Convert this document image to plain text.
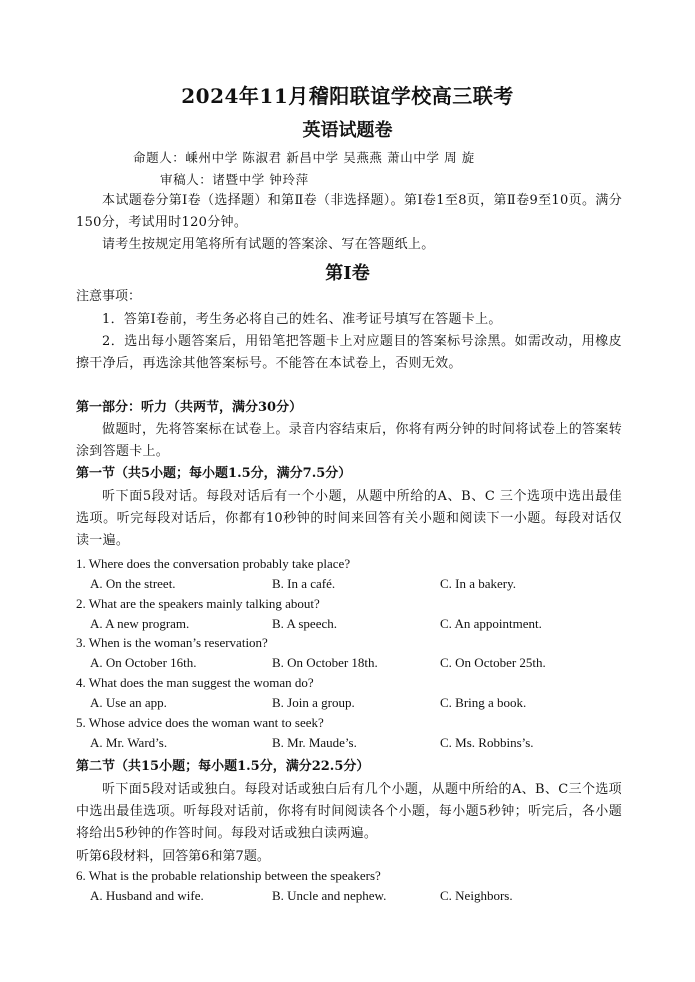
2024年11月稽阳联谊学校高三联考
英语试题卷
命题人：嵊州中学 陈淑君 新昌中学 吴燕燕 萧山中学 周 旋
审稿人：诸暨中学 钟玲萍
本试题卷分第Ⅰ卷（选择题）和第Ⅱ卷（非选择题）。第Ⅰ卷1至8页，第Ⅱ卷9至10页。满分150分，考试用时120分钟。
请考生按规定用笔将所有试题的答案涂、写在答题纸上。
第Ⅰ卷
注意事项：
1．答第Ⅰ卷前，考生务必将自己的姓名、准考证号填写在答题卡上。
2．选出每小题答案后，用铅笔把答题卡上对应题目的答案标号涂黑。如需改动，用橡皮擦干净后，再选涂其他答案标号。不能答在本试卷上，否则无效。
第一部分：听力（共两节，满分30分）
做题时，先将答案标在试卷上。录音内容结束后，你将有两分钟的时间将试卷上的答案转涂到答题卡上。
第一节（共5小题；每小题1.5分，满分7.5分）
听下面5段对话。每段对话后有一个小题，从题中所给的A、B、C 三个选项中选出最佳选项。听完每段对话后，你都有10秒钟的时间来回答有关小题和阅读下一小题。每段对话仅读一遍。
1. Where does the conversation probably take place?
A. On the street.	B. In a café.	C. In a bakery.
2. What are the speakers mainly talking about?
A. A new program.	B. A speech.	C. An appointment.
3. When is the woman’s reservation?
A. On October 16th.	B. On October 18th.	C. On October 25th.
4. What does the man suggest the woman do?
A. Use an app.	B. Join a group.	C. Bring a book.
5. Whose advice does the woman want to seek?
A. Mr. Ward’s.	B. Mr. Maude’s.	C. Ms. Robbins’s.
第二节（共15小题；每小题1.5分，满分22.5分）
听下面5段对话或独白。每段对话或独白后有几个小题，从题中所给的A、B、C三个选项中选出最佳选项。听每段对话前，你将有时间阅读各个小题，每小题5秒钟；听完后，各小题将给出5秒钟的作答时间。每段对话或独白读两遍。
听第6段材料，回答第6和第7题。
6. What is the probable relationship between the speakers?
A. Husband and wife.	B. Uncle and nephew.	C. Neighbors.
